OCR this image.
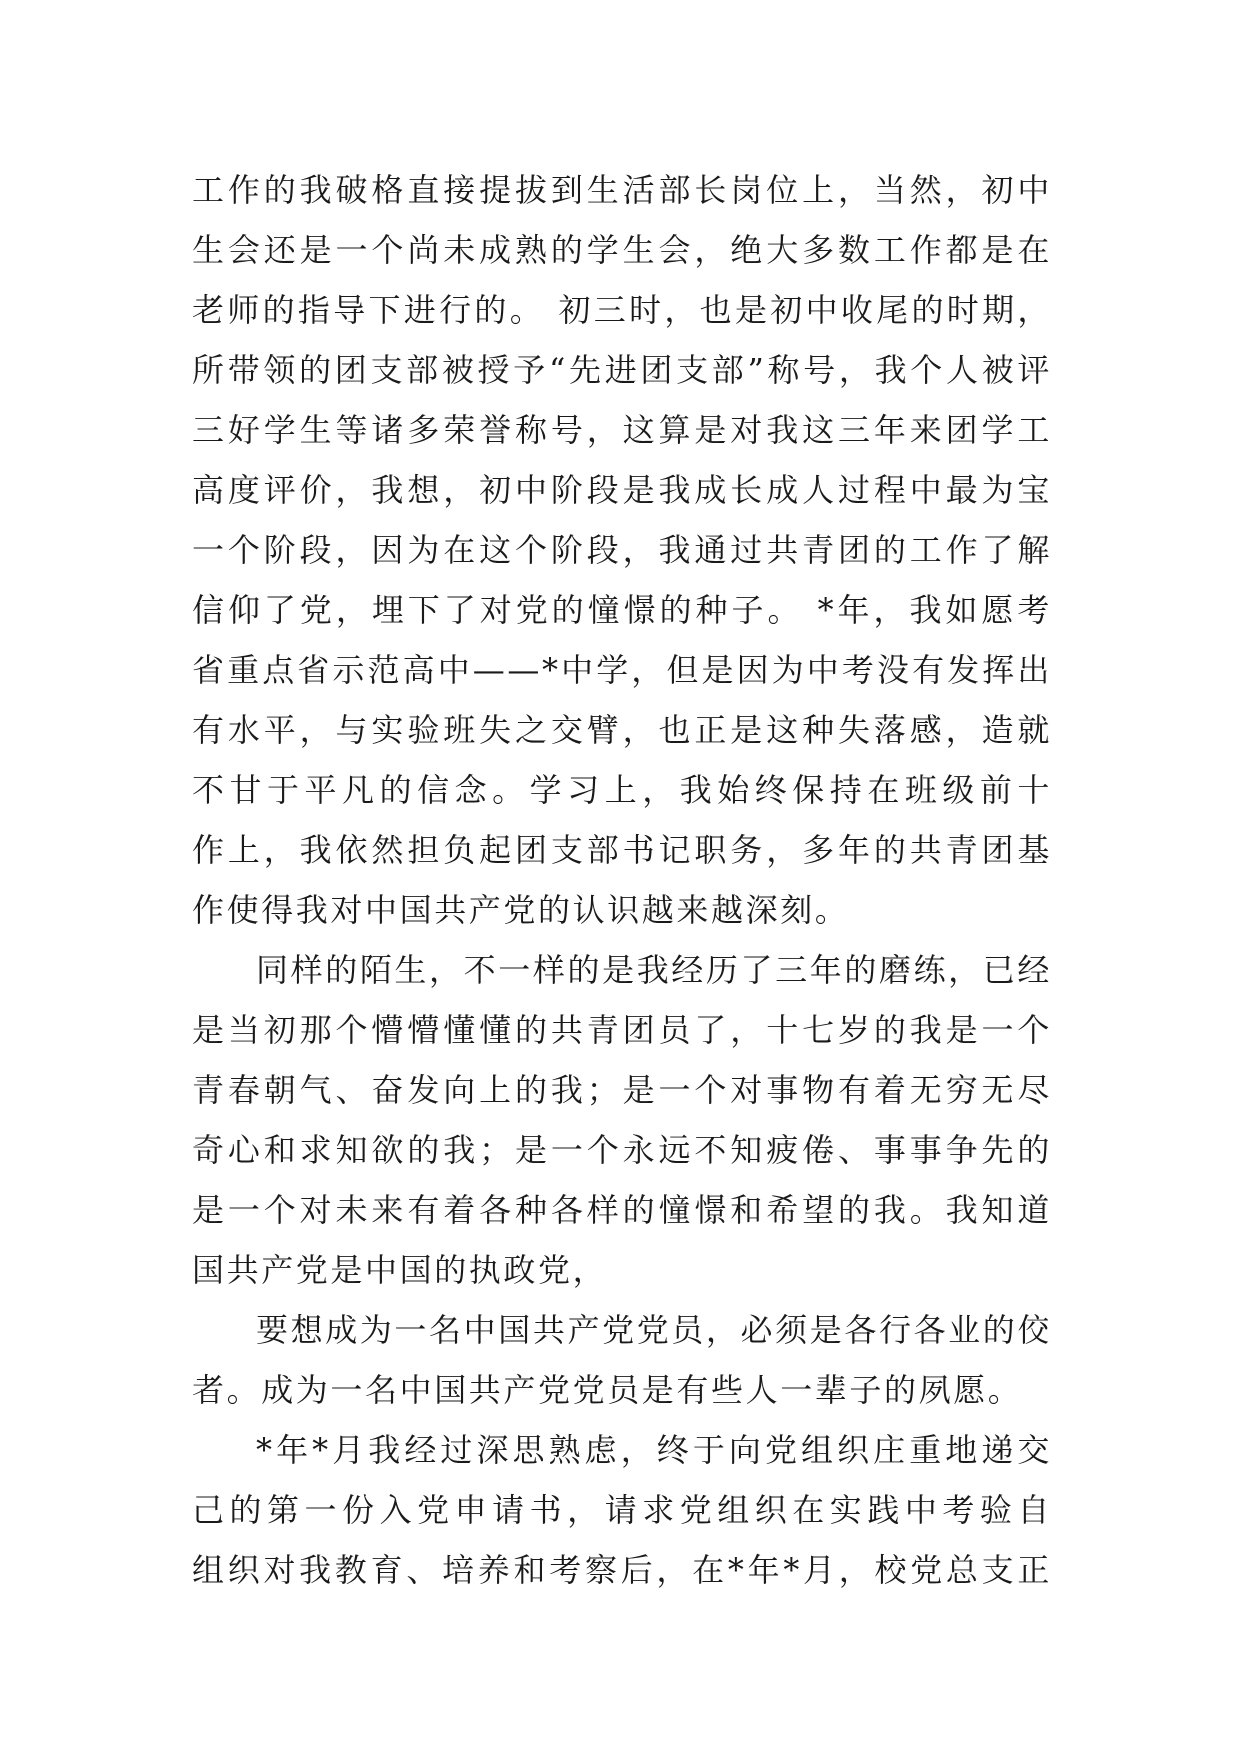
工作的我破格直接提拔到生活部长岗位上，当然，初中
生会还是一个尚未成熟的学生会，绝大多数工作都是在
老师的指导下进行的。 初三时，也是初中收尾的时期，
所带领的团支部被授予“先进团支部”称号，我个人被评
三好学生等诸多荣誉称号，这算是对我这三年来团学工
高度评价，我想，初中阶段是我成长成人过程中最为宝
一个阶段，因为在这个阶段，我通过共青团的工作了解
信仰了党，埋下了对党的憧憬的种子。 *年，我如愿考
省重点省示范高中——*中学，但是因为中考没有发挥出
有水平，与实验班失之交臂，也正是这种失落感，造就
不甘于平凡的信念。学习上，我始终保持在班级前十
作上，我依然担负起团支部书记职务，多年的共青团基
作使得我对中国共产党的认识越来越深刻。
同样的陌生，不一样的是我经历了三年的磨练，已经
是当初那个懵懵懂懂的共青团员了，十七岁的我是一个
青春朝气、奋发向上的我；是一个对事物有着无穷无尽
奇心和求知欲的我；是一个永远不知疲倦、事事争先的
是一个对未来有着各种各样的憧憬和希望的我。我知道
国共产党是中国的执政党，
要想成为一名中国共产党党员，必须是各行各业的佼
者。成为一名中国共产党党员是有些人一辈子的夙愿。
*年*月我经过深思熟虑，终于向党组织庄重地递交
己的第一份入党申请书，请求党组织在实践中考验自
组织对我教育、培养和考察后，在*年*月，校党总支正
